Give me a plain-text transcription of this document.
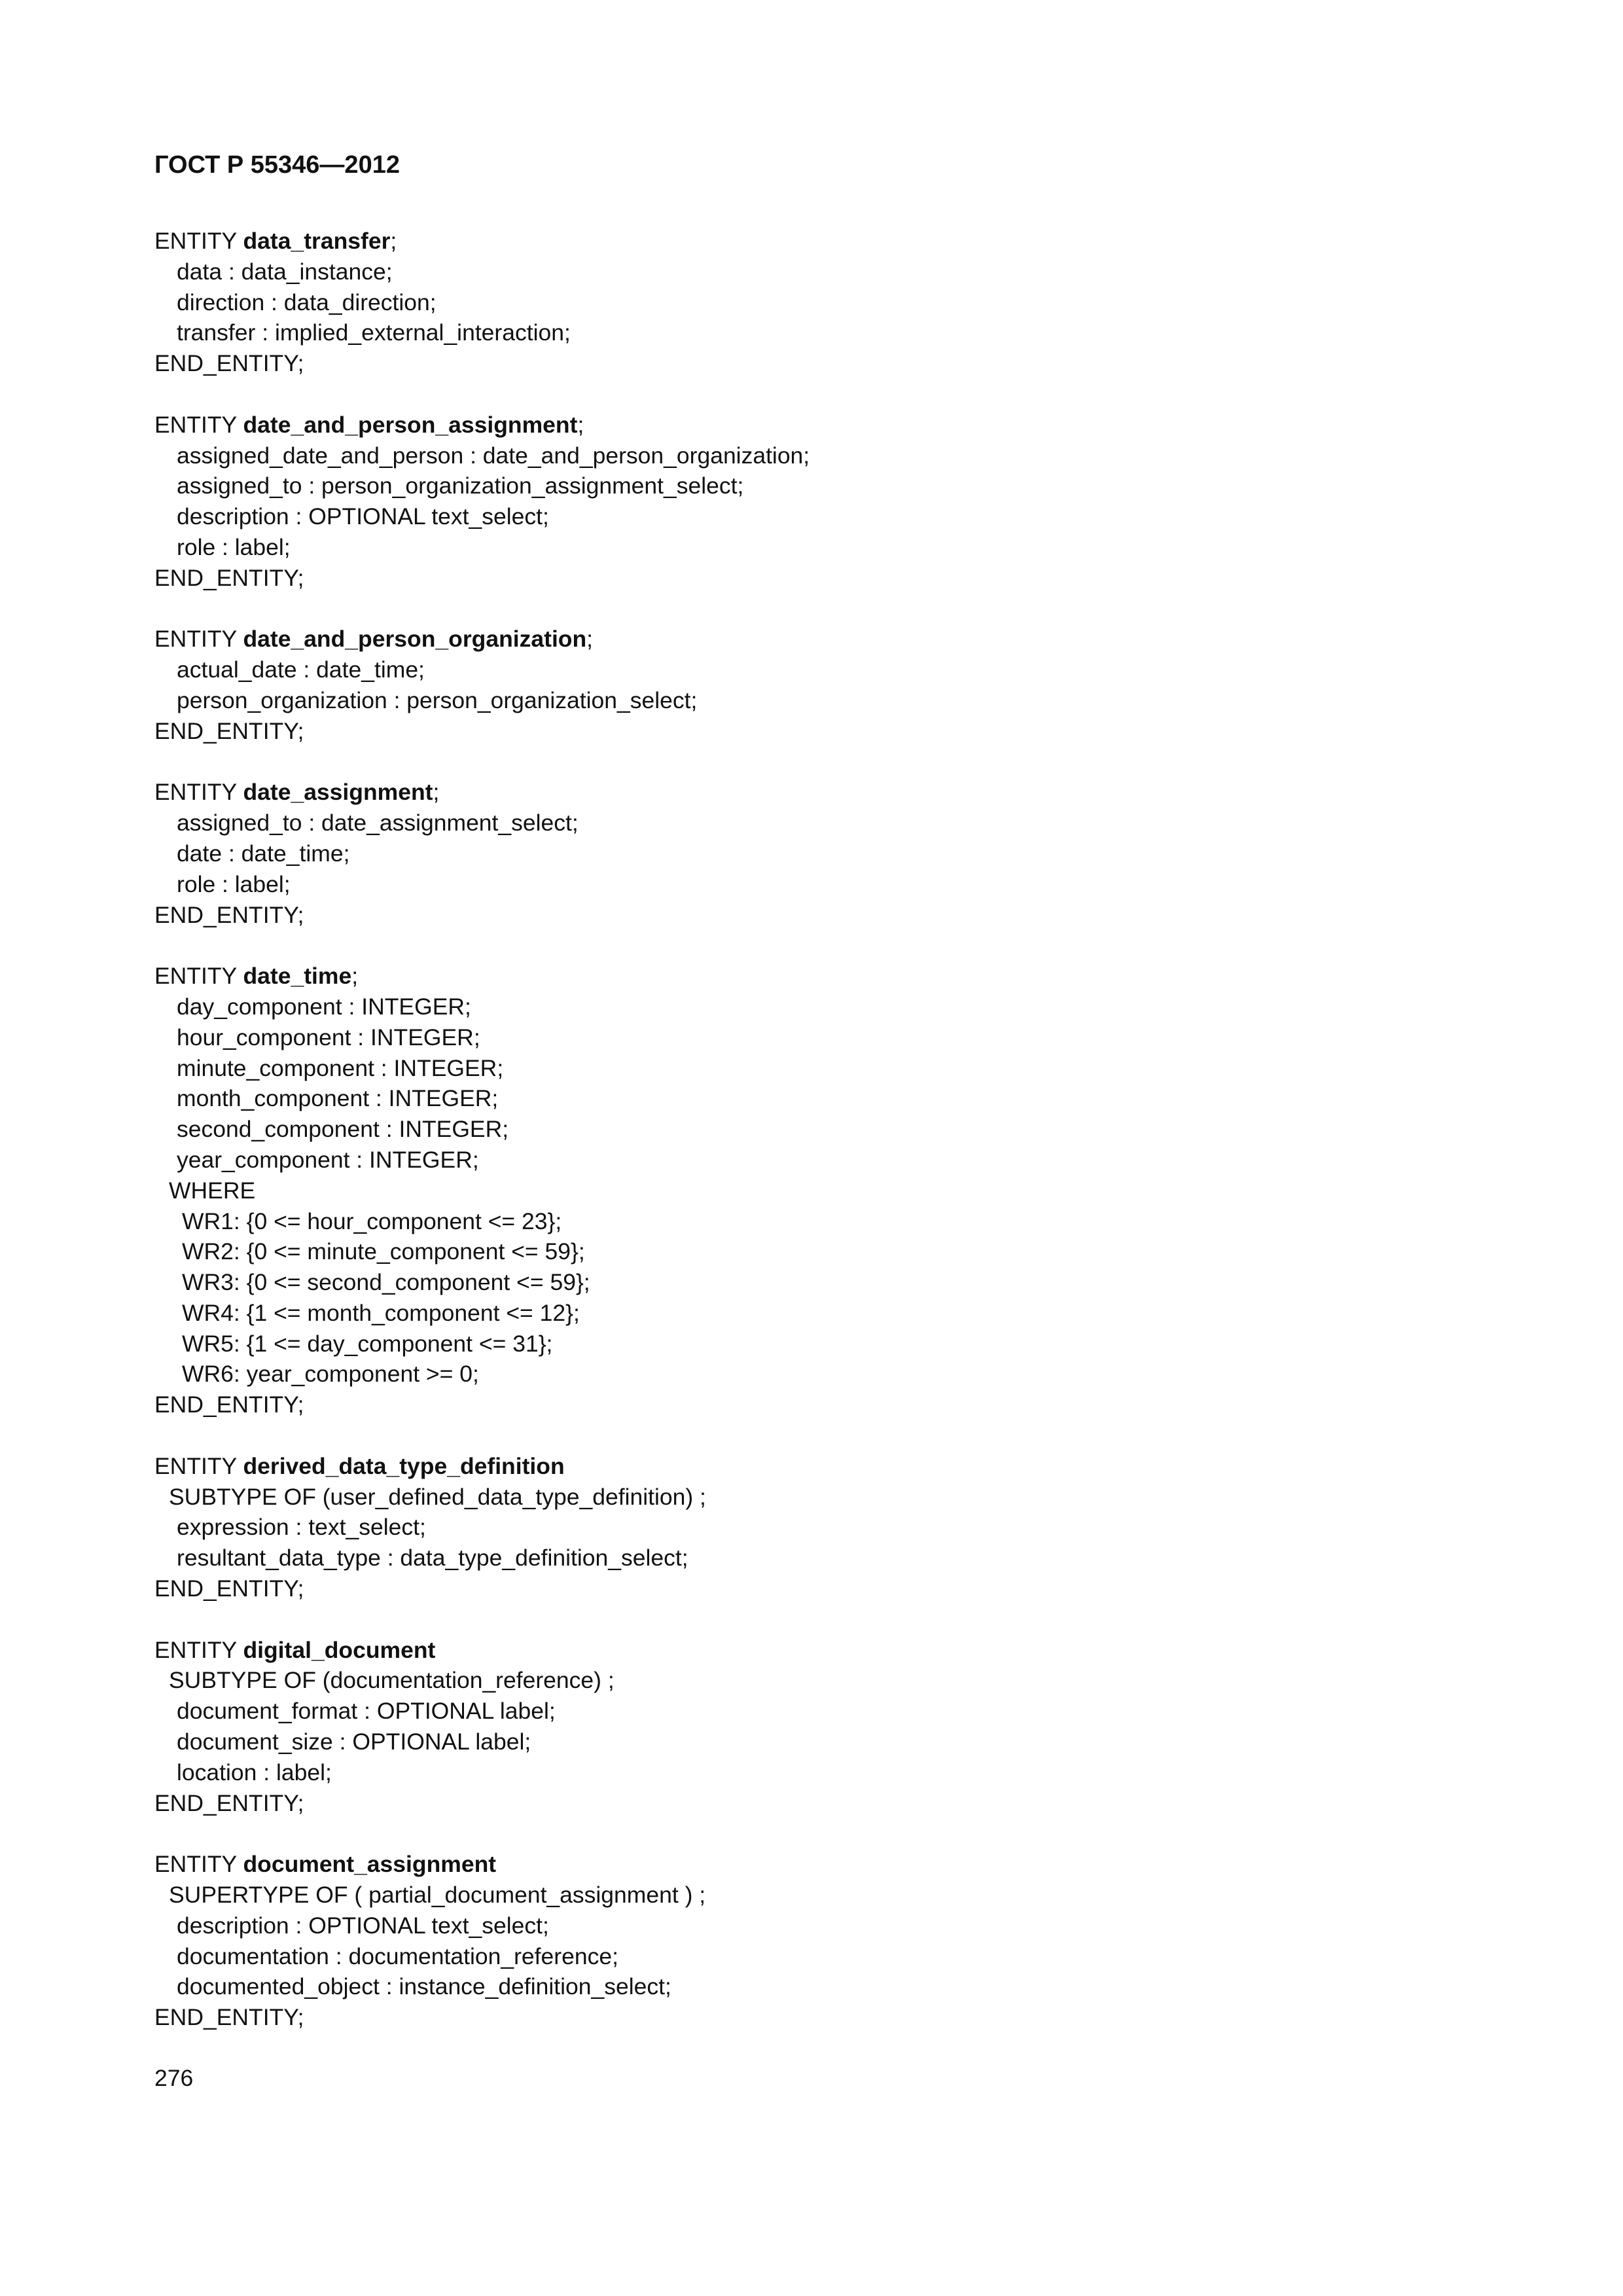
ГОСТ Р 55346—2012
ENTITY data_transfer;
data : data_instance;
direction : data_direction;
transfer : implied_external_interaction;
END_ENTITY;
ENTITY date_and_person_assignment;
assigned_date_and_person : date_and_person_organization;
assigned_to : person_organization_assignment_select;
description : OPTIONAL text_select;
role : label;
END_ENTITY;
ENTITY date_and_person_organization;
actual_date : date_time;
person_organization : person_organization_select;
END_ENTITY;
ENTITY date_assignment;
assigned_to : date_assignment_select;
date : date_time;
role : label;
END_ENTITY;
ENTITY date_time;
day_component : INTEGER;
hour_component : INTEGER;
minute_component : INTEGER;
month_component : INTEGER;
second_component : INTEGER;
year_component : INTEGER;
WHERE
WR1: {0 <= hour_component <= 23};
WR2: {0 <= minute_component <= 59};
WR3: {0 <= second_component <= 59};
WR4: {1 <= month_component <= 12};
WR5: {1 <= day_component <= 31};
WR6: year_component >= 0;
END_ENTITY;
ENTITY derived_data_type_definition
SUBTYPE OF (user_defined_data_type_definition) ;
expression : text_select;
resultant_data_type : data_type_definition_select;
END_ENTITY;
ENTITY digital_document
SUBTYPE OF (documentation_reference) ;
document_format : OPTIONAL label;
document_size : OPTIONAL label;
location : label;
END_ENTITY;
ENTITY document_assignment
SUPERTYPE OF ( partial_document_assignment ) ;
description : OPTIONAL text_select;
documentation : documentation_reference;
documented_object : instance_definition_select;
END_ENTITY;
276
